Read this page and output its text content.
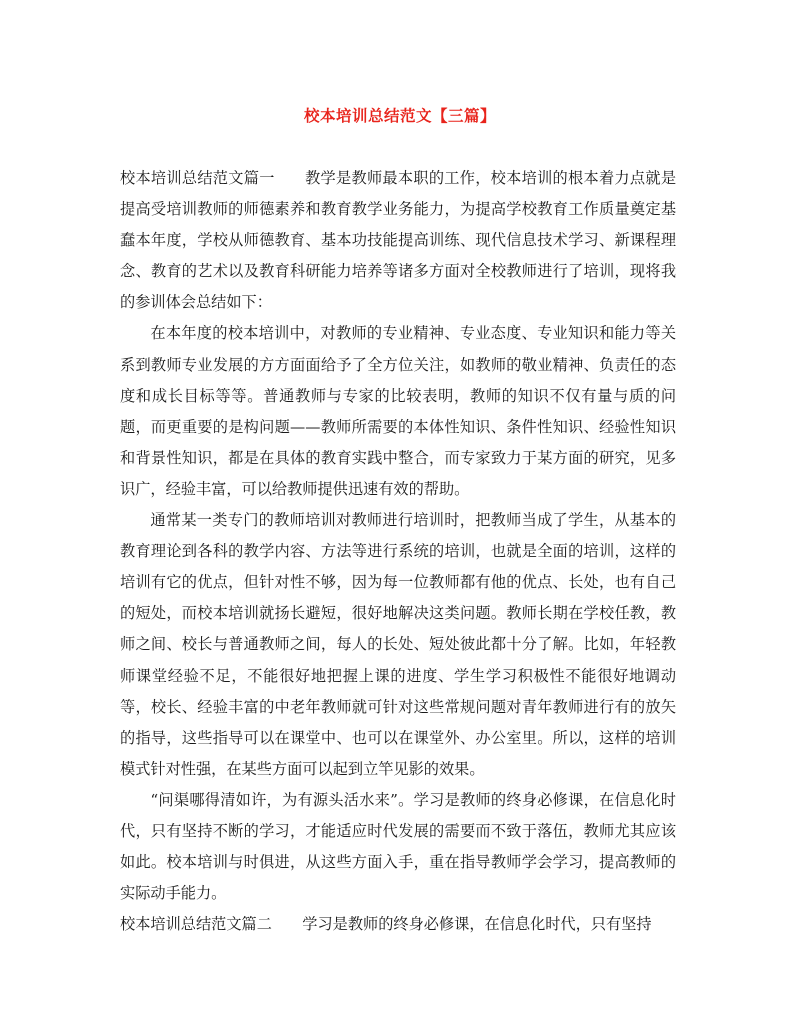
校本培训总结范文【三篇】

校本培训总结范文篇一 教学是教师最本职的工作，校本培训的根本着力点就是提高受培训教师的师德素养和教育教学业务能力，为提高学校教育工作质量奠定基蠢本年度，学校从师德教育、基本功技能提高训练、现代信息技术学习、新课程理念、教育的艺术以及教育科研能力培养等诸多方面对全校教师进行了培训，现将我的参训体会总结如下：

在本年度的校本培训中，对教师的专业精神、专业态度、专业知识和能力等关系到教师专业发展的方方面面给予了全方位关注，如教师的敬业精神、负责任的态度和成长目标等等。普通教师与专家的比较表明，教师的知识不仅有量与质的问题，而更重要的是构问题——教师所需要的本体性知识、条件性知识、经验性知识和背景性知识，都是在具体的教育实践中整合，而专家致力于某方面的研究，见多识广，经验丰富，可以给教师提供迅速有效的帮助。

通常某一类专门的教师培训对教师进行培训时，把教师当成了学生，从基本的教育理论到各科的教学内容、方法等进行系统的培训，也就是全面的培训，这样的培训有它的优点，但针对性不够，因为每一位教师都有他的优点、长处，也有自己的短处，而校本培训就扬长避短，很好地解决这类问题。教师长期在学校任教，教师之间、校长与普通教师之间，每人的长处、短处彼此都十分了解。比如，年轻教师课堂经验不足，不能很好地把握上课的进度、学生学习积极性不能很好地调动等，校长、经验丰富的中老年教师就可针对这些常规问题对青年教师进行有的放矢的指导，这些指导可以在课堂中、也可以在课堂外、办公室里。所以，这样的培训模式针对性强，在某些方面可以起到立竿见影的效果。

“问渠哪得清如许，为有源头活水来”。学习是教师的终身必修课，在信息化时代，只有坚持不断的学习，才能适应时代发展的需要而不致于落伍，教师尤其应该如此。校本培训与时俱进，从这些方面入手，重在指导教师学会学习，提高教师的实际动手能力。

校本培训总结范文篇二 学习是教师的终身必修课，在信息化时代，只有坚持
